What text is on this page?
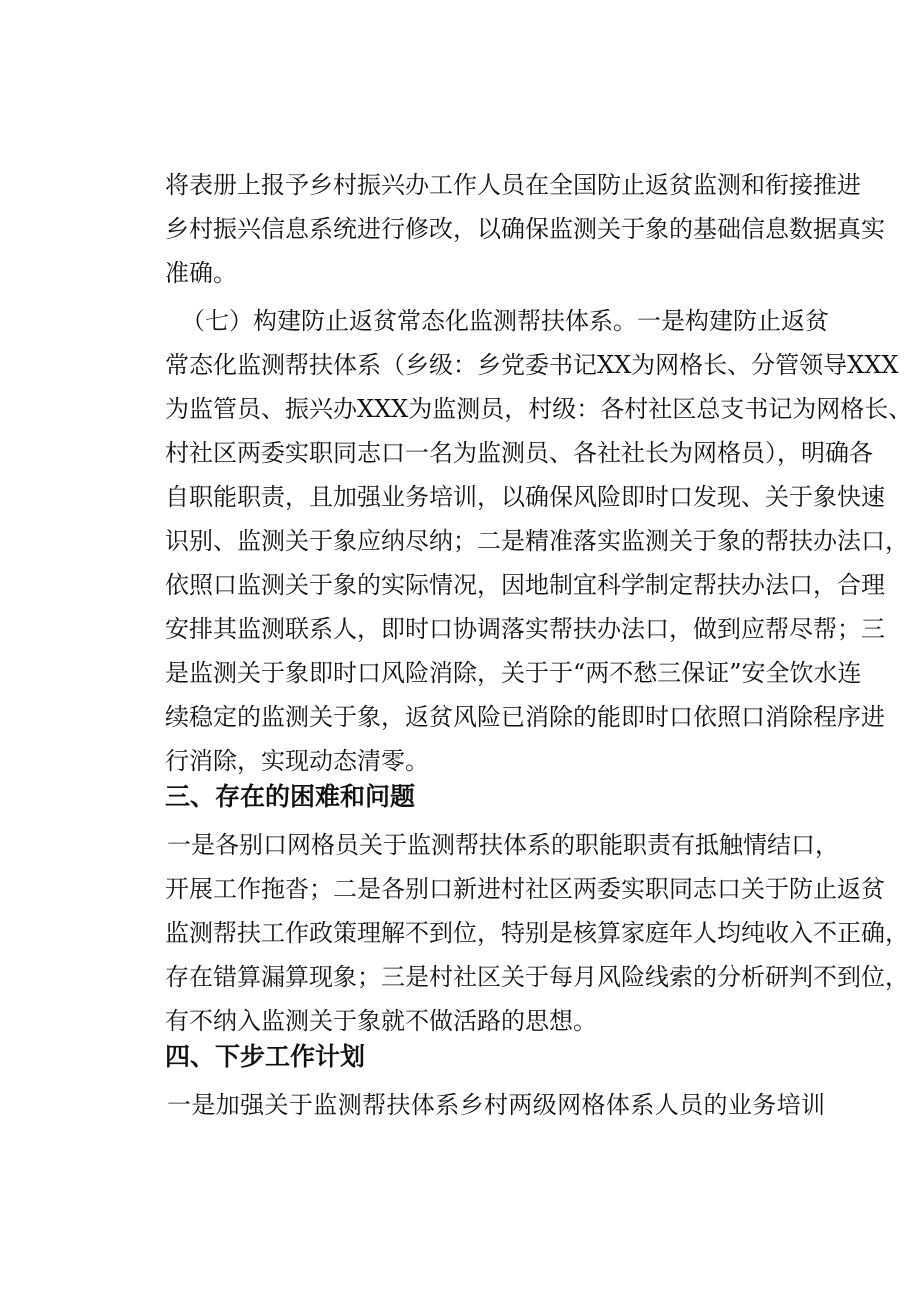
将表册上报予乡村振兴办工作人员在全国防止返贫监测和衔接推进
乡村振兴信息系统进行修改，以确保监测关于象的基础信息数据真实
准确。
（七）构建防止返贫常态化监测帮扶体系。一是构建防止返贫
常态化监测帮扶体系（乡级：乡党委书记XX为网格长、分管领导XXX
为监管员、振兴办XXX为监测员，村级：各村社区总支书记为网格长、
村社区两委实职同志口一名为监测员、各社社长为网格员），明确各
自职能职责，且加强业务培训，以确保风险即时口发现、关于象快速
识别、监测关于象应纳尽纳；二是精准落实监测关于象的帮扶办法口，
依照口监测关于象的实际情况，因地制宜科学制定帮扶办法口，合理
安排其监测联系人，即时口协调落实帮扶办法口，做到应帮尽帮；三
是监测关于象即时口风险消除，关于于“两不愁三保证”安全饮水连
续稳定的监测关于象，返贫风险已消除的能即时口依照口消除程序进
行消除，实现动态清零。
三、存在的困难和问题
一是各别口网格员关于监测帮扶体系的职能职责有抵触情结口，
开展工作拖沓；二是各别口新进村社区两委实职同志口关于防止返贫
监测帮扶工作政策理解不到位，特别是核算家庭年人均纯收入不正确，
存在错算漏算现象；三是村社区关于每月风险线索的分析研判不到位，
有不纳入监测关于象就不做活路的思想。
四、下步工作计划
一是加强关于监测帮扶体系乡村两级网格体系人员的业务培训
